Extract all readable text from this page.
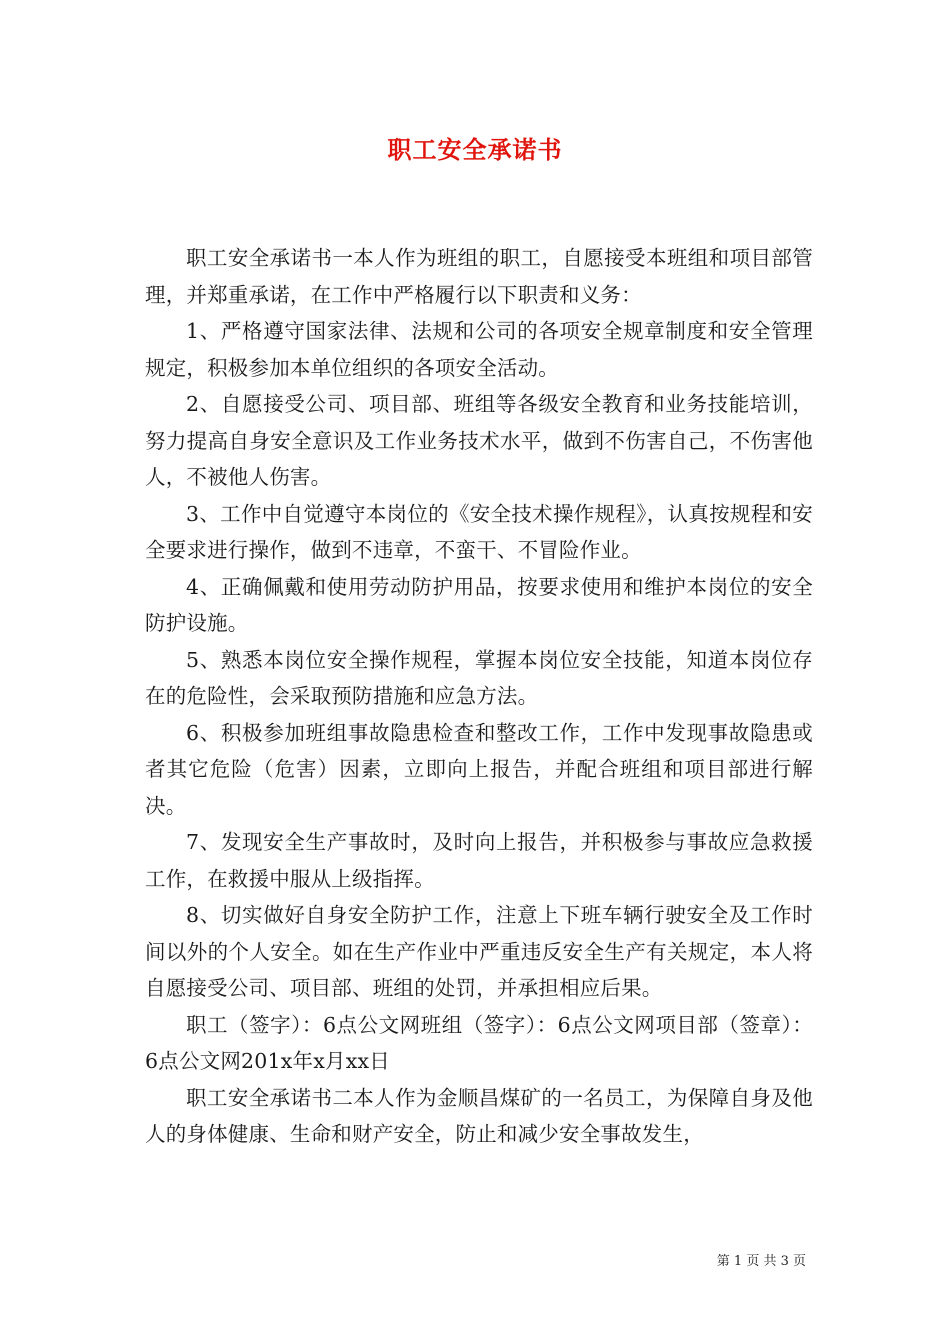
职工安全承诺书

职工安全承诺书一本人作为班组的职工，自愿接受本班组和项目部管理，并郑重承诺，在工作中严格履行以下职责和义务：

1、严格遵守国家法律、法规和公司的各项安全规章制度和安全管理规定，积极参加本单位组织的各项安全活动。

2、自愿接受公司、项目部、班组等各级安全教育和业务技能培训，努力提高自身安全意识及工作业务技术水平，做到不伤害自己，不伤害他人，不被他人伤害。

3、工作中自觉遵守本岗位的《安全技术操作规程》，认真按规程和安全要求进行操作，做到不违章，不蛮干、不冒险作业。

4、正确佩戴和使用劳动防护用品，按要求使用和维护本岗位的安全防护设施。

5、熟悉本岗位安全操作规程，掌握本岗位安全技能，知道本岗位存在的危险性，会采取预防措施和应急方法。

6、积极参加班组事故隐患检查和整改工作，工作中发现事故隐患或者其它危险（危害）因素，立即向上报告，并配合班组和项目部进行解决。

7、发现安全生产事故时，及时向上报告，并积极参与事故应急救援工作，在救援中服从上级指挥。

8、切实做好自身安全防护工作，注意上下班车辆行驶安全及工作时间以外的个人安全。如在生产作业中严重违反安全生产有关规定，本人将自愿接受公司、项目部、班组的处罚，并承担相应后果。

职工（签字）：6点公文网班组（签字）：6点公文网项目部（签章）：6点公文网201x年x月xx日

职工安全承诺书二本人作为金顺昌煤矿的一名员工，为保障自身及他人的身体健康、生命和财产安全，防止和减少安全事故发生，

第 1 页 共 3 页
